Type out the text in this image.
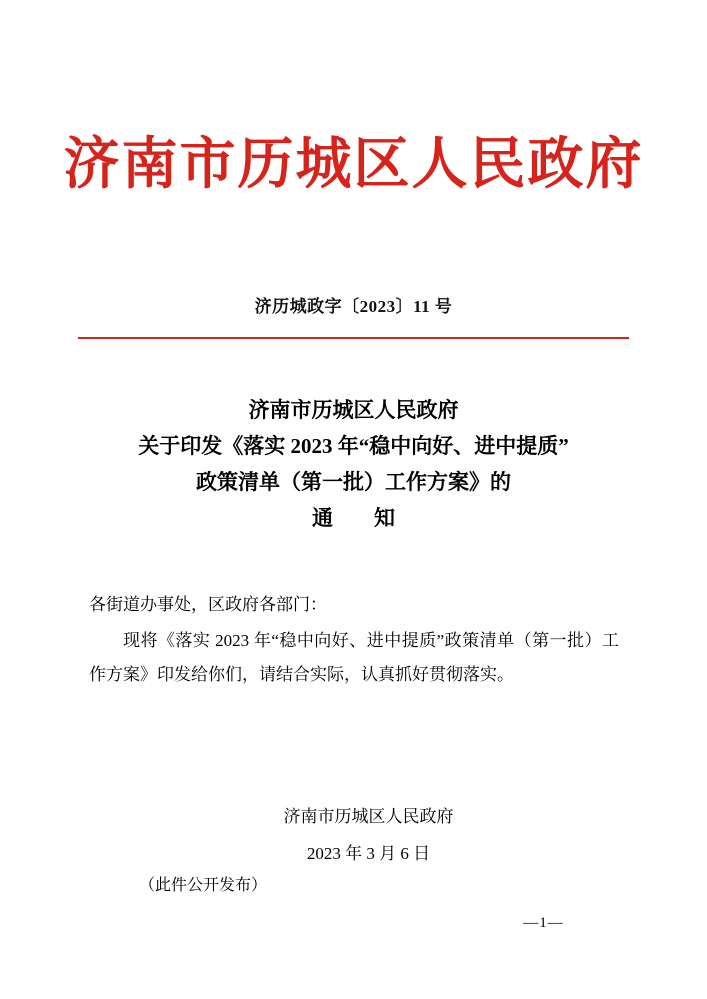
济南市历城区人民政府
济历城政字〔2023〕11 号
济南市历城区人民政府
关于印发《落实 2023 年“稳中向好、进中提质”
政策清单（第一批）工作方案》的
通　知

各街道办事处，区政府各部门：

现将《落实 2023 年“稳中向好、进中提质”政策清单（第一批）工作方案》印发给你们，请结合实际，认真抓好贯彻落实。

济南市历城区人民政府
2023 年 3 月 6 日
（此件公开发布）
—1—
